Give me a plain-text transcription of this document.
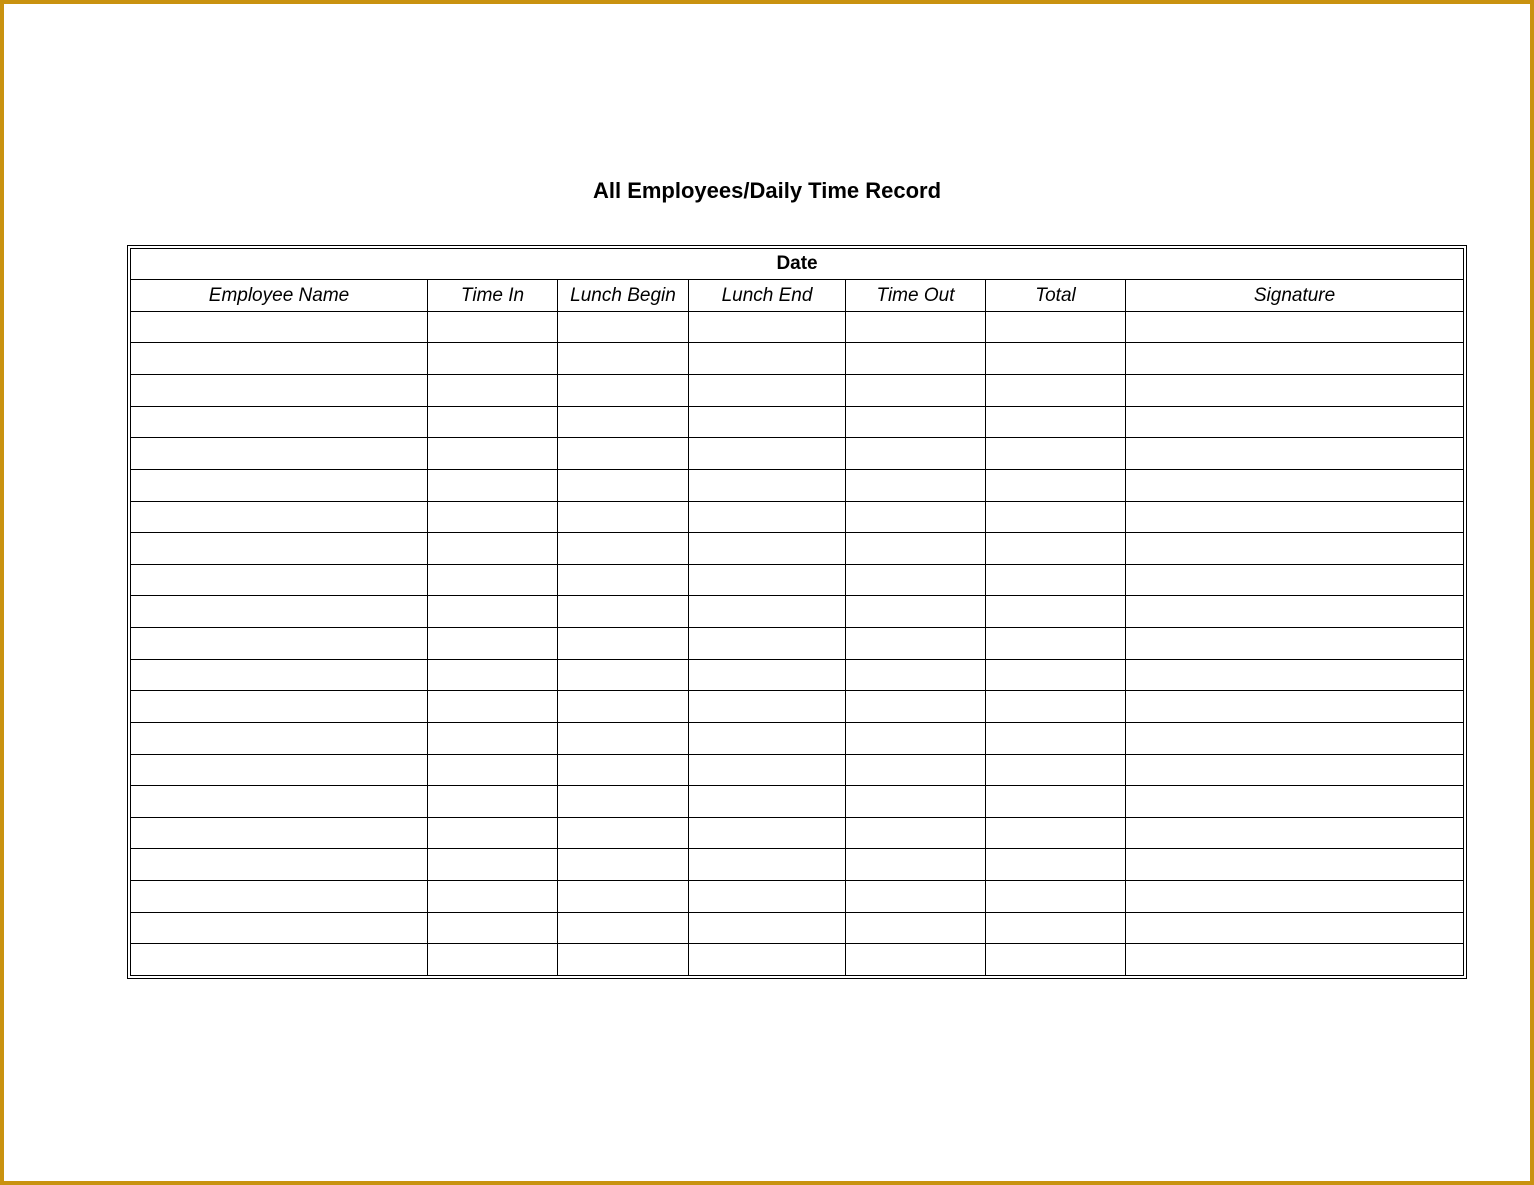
All Employees/Daily Time Record
Date						
Employee Name	Time In	Lunch Begin	Lunch End	Time Out	Total	Signature
